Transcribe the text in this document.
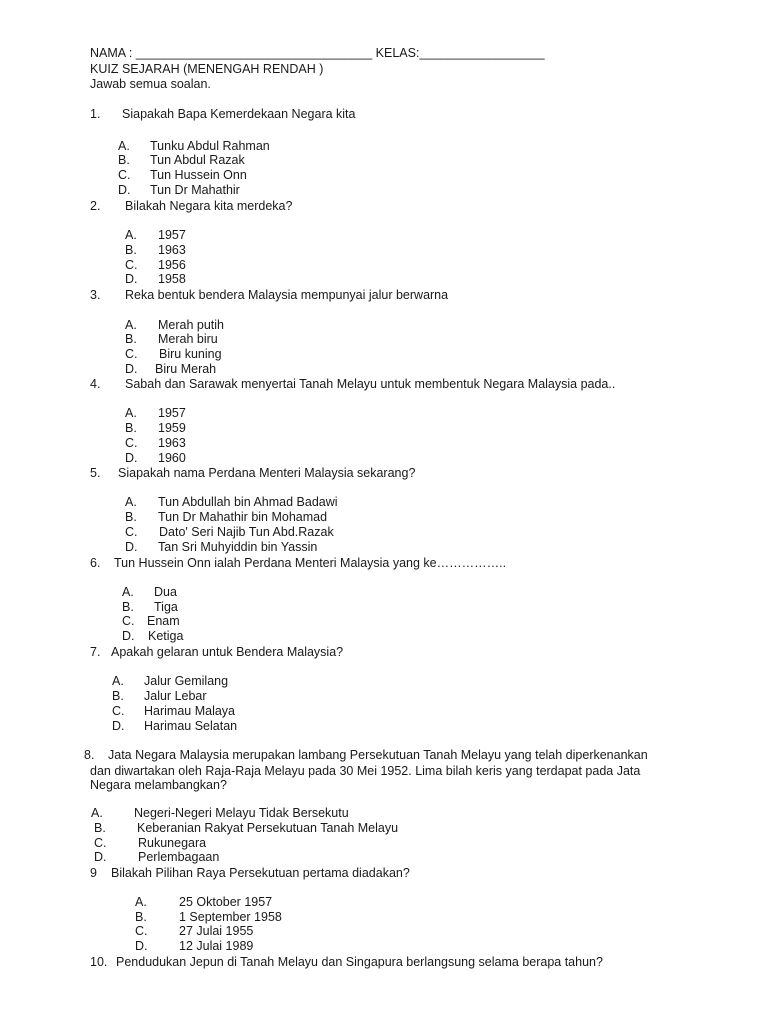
NAMA : __________________________________ KELAS:__________________
KUIZ SEJARAH (MENENGAH RENDAH )
Jawab semua soalan.
1. Siapakah Bapa Kemerdekaan Negara kita
A. Tunku Abdul Rahman
B. Tun Abdul Razak
C. Tun Hussein Onn
D. Tun Dr Mahathir
2. Bilakah Negara kita merdeka?
A. 1957
B. 1963
C. 1956
D. 1958
3. Reka bentuk bendera Malaysia mempunyai jalur berwarna
A. Merah putih
B. Merah biru
C. Biru kuning
D. Biru Merah
4. Sabah dan Sarawak menyertai Tanah Melayu untuk membentuk Negara Malaysia pada..
A. 1957
B. 1959
C. 1963
D. 1960
5. Siapakah nama Perdana Menteri Malaysia sekarang?
A. Tun Abdullah bin Ahmad Badawi
B. Tun Dr Mahathir bin Mohamad
C. Dato' Seri Najib Tun Abd.Razak
D. Tan Sri Muhyiddin bin Yassin
6. Tun Hussein Onn ialah Perdana Menteri Malaysia yang ke……………..
A. Dua
B. Tiga
C. Enam
D. Ketiga
7. Apakah gelaran untuk Bendera Malaysia?
A. Jalur Gemilang
B. Jalur Lebar
C. Harimau Malaya
D. Harimau Selatan
8. Jata Negara Malaysia merupakan lambang Persekutuan Tanah Melayu yang telah diperkenankan
dan diwartakan oleh Raja-Raja Melayu pada 30 Mei 1952. Lima bilah keris yang terdapat pada Jata
Negara melambangkan?
A. Negeri-Negeri Melayu Tidak Bersekutu
B. Keberanian Rakyat Persekutuan Tanah Melayu
C.	Rukunegara
D.	Perlembagaan
9 Bilakah Pilihan Raya Persekutuan pertama diadakan?
A.	25 Oktober 1957
B.	1 September 1958
C.	27 Julai 1955
D.	12 Julai 1989
10. Pendudukan Jepun di Tanah Melayu dan Singapura berlangsung selama berapa tahun?
